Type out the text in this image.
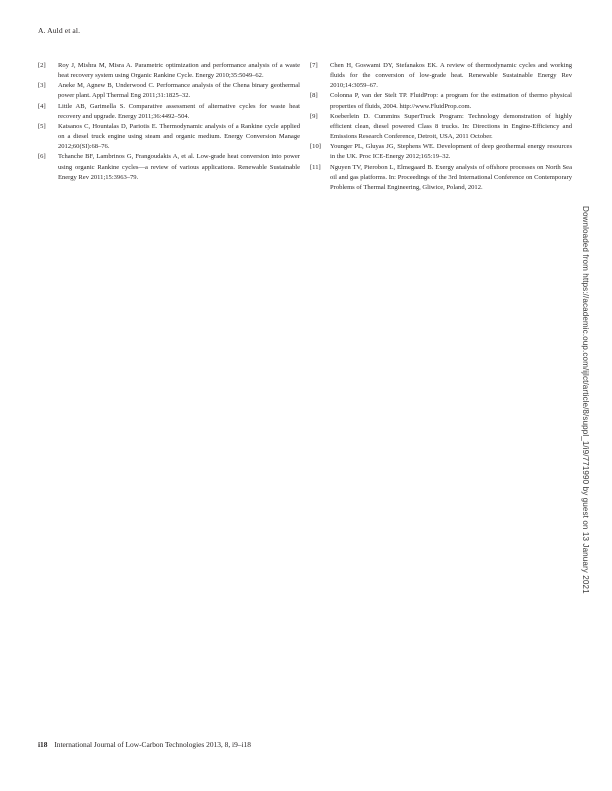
A. Auld et al.
[2] Roy J, Mishra M, Misra A. Parametric optimization and performance analysis of a waste heat recovery system using Organic Rankine Cycle. Energy 2010;35:5049–62.
[3] Aneke M, Agnew B, Underwood C. Performance analysis of the Chena binary geothermal power plant. Appl Thermal Eng 2011;31:1825–32.
[4] Little AB, Garimella S. Comparative assessment of alternative cycles for waste heat recovery and upgrade. Energy 2011;36:4492–504.
[5] Katsanos C, Hountalas D, Pariotis E. Thermodynamic analysis of a Rankine cycle applied on a diesel truck engine using steam and organic medium. Energy Conversion Manage 2012;60(SI):68–76.
[6] Tchanche BF, Lambrinos G, Frangoudakis A, et al. Low-grade heat conversion into power using organic Rankine cycles—a review of various applications. Renewable Sustainable Energy Rev 2011;15:3963–79.
[7] Chen H, Goswami DY, Stefanakos EK. A review of thermodynamic cycles and working fluids for the conversion of low-grade heat. Renewable Sustainable Energy Rev 2010;14:3059–67.
[8] Colonna P, van der Stelt TP. FluidProp: a program for the estimation of thermo physical properties of fluids, 2004. http://www.FluidProp.com.
[9] Koeberlein D. Cummins SuperTruck Program: Technology demonstration of highly efficient clean, diesel powered Class 8 trucks. In: Directions in Engine-Efficiency and Emissions Research Conference, Detroit, USA, 2011 October.
[10] Younger PL, Gluyas JG, Stephens WE. Development of deep geothermal energy resources in the UK. Proc ICE-Energy 2012;165:19–32.
[11] Nguyen TV, Pierobon L, Elmegaard B. Exergy analysis of offshore processes on North Sea oil and gas platforms. In: Proceedings of the 3rd International Conference on Contemporary Problems of Thermal Engineering, Gliwice, Poland, 2012.
i18 International Journal of Low-Carbon Technologies 2013, 8, i9–i18
Downloaded from https://academic.oup.com/ijlct/article/8/suppl_1/i9/771990 by guest on 13 January 2021
